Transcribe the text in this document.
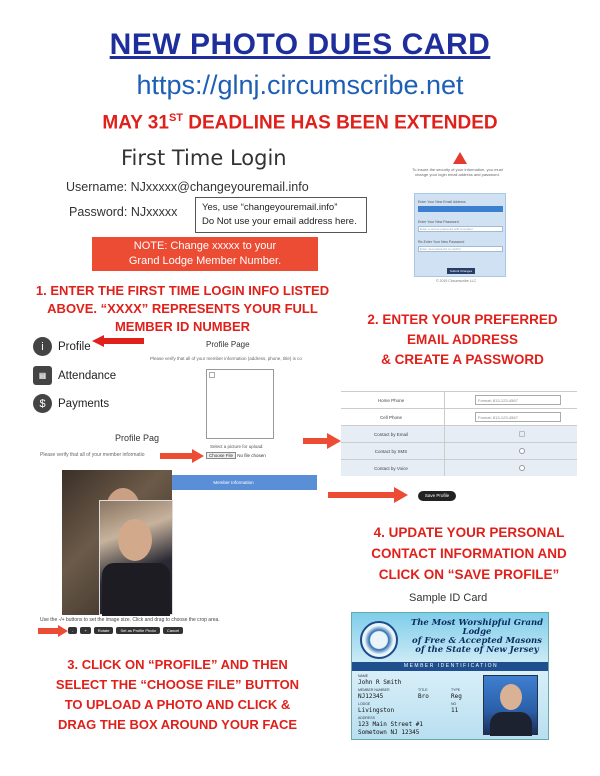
NEW PHOTO DUES CARD
https://glnj.circumscribe.net
MAY 31ST DEADLINE HAS BEEN EXTENDED
First Time Login
Username: NJxxxxx@changeyouremail.info
Password: NJxxxxx	Yes, use “changeyouremail.info”
Do Not use your email address here.
NOTE: Change xxxxx to your
Grand Lodge Member Number.
To insure the security of your information, you must change your login email address and password.
Enter Your New Email Address
Enter Your New Password
Enter a secure password with a number
Re-Enter Your New Password
Enter new password to confirm
Submit Changes
© 2019 Circumscribe LLC
1. ENTER THE FIRST TIME LOGIN INFO LISTED
ABOVE. “XXXX” REPRESENTS YOUR FULL
MEMBER ID NUMBER	2. ENTER YOUR PREFERRED
EMAIL ADDRESS
& CREATE A PASSWORD
i	Profile
▦	Attendance
$	Payments
Profile Page
Please verify that all of your member information (address, phone, title) is co
Select a picture for upload:
Choose File No file chosen
Profile Pag
Please verify that all of your member informatio
Member Information
Use the -/+ buttons to set the image size. Click and drag to choose the crop area.
-	+	Rotate	Set as Profile Photo	Cancel
3. CLICK ON “PROFILE” AND THEN
SELECT THE “CHOOSE FILE” BUTTON
TO UPLOAD A PHOTO AND CLICK &
DRAG THE BOX AROUND YOUR FACE
Home Phone	Format: 813-123-4567
Cell Phone	Format: 813-123-4567
Contact by Email
Contact by SMS
Contact by Voice
Save Profile
4. UPDATE YOUR PERSONAL
CONTACT INFORMATION AND
CLICK ON “SAVE PROFILE”
Sample ID Card
The Most Worshipful Grand Lodge
of Free & Accepted Masons
of the State of New Jersey
MEMBER IDENTIFICATION
NAME
John R Smith
MEMBER NUMBER
NJ12345
TITLE
Bro
TYPE
Reg
LODGE
Livingston
NO
11
ADDRESS
123 Main Street #1
Sometown NJ 12345
